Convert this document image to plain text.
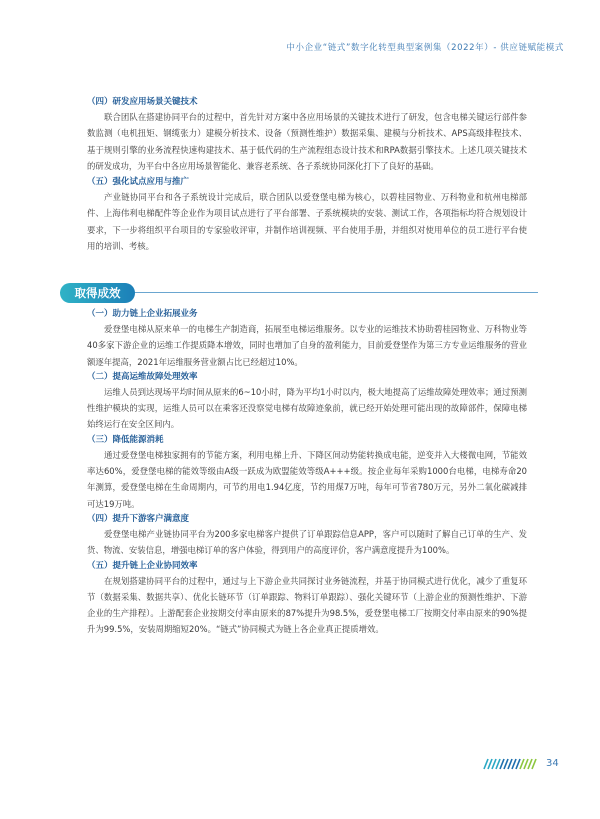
中小企业“链式”数字化转型典型案例集（2022年）- 供应链赋能模式

（四）研发应用场景关键技术

联合团队在搭建协同平台的过程中，首先针对方案中各应用场景的关键技术进行了研发，包含电梯关键运行部件参数监测（电机扭矩、钢缆张力）建模分析技术、设备（预测性维护）数据采集、建模与分析技术、APS高级排程技术、基于规则引擎的业务流程快速构建技术、基于低代码的生产流程组态设计技术和RPA数据引擎技术。上述几项关键技术的研发成功，为平台中各应用场景智能化、兼容老系统、各子系统协同深化打下了良好的基础。

（五）强化试点应用与推广

产业链协同平台和各子系统设计完成后，联合团队以爱登堡电梯为核心，以碧桂园物业、万科物业和杭州电梯部件、上海伟利电梯配件等企业作为项目试点进行了平台部署、子系统模块的安装、测试工作，各项指标均符合规划设计要求，下一步将组织平台项目的专家验收评审，并制作培训视频、平台使用手册，并组织对使用单位的员工进行平台使用的培训、考核。

取得成效

（一）助力链上企业拓展业务

爱登堡电梯从原来单一的电梯生产制造商，拓展至电梯运维服务。以专业的运维技术协助碧桂园物业、万科物业等40多家下游企业的运维工作提质降本增效，同时也增加了自身的盈利能力，目前爱登堡作为第三方专业运维服务的营业额逐年提高，2021年运维服务营业额占比已经超过10%。

（二）提高运维故障处理效率

运维人员到达现场平均时间从原来的6~10小时，降为平均1小时以内，极大地提高了运维故障处理效率；通过预测性维护模块的实现，运维人员可以在乘客还没察觉电梯有故障迹象前，就已经开始处理可能出现的故障部件，保障电梯始终运行在安全区间内。

（三）降低能源消耗

通过爱登堡电梯独家拥有的节能方案，利用电梯上升、下降区间动势能转换成电能，逆变并入大楼微电网，节能效率达60%，爱登堡电梯的能效等级由A级一跃成为欧盟能效等级A+++级。按企业每年采购1000台电梯，电梯寿命20年测算，爱登堡电梯在生命周期内，可节约用电1.94亿度，节约用煤7万吨，每年可节省780万元，另外二氧化碳减排可达19万吨。

（四）提升下游客户满意度

爱登堡电梯产业链协同平台为200多家电梯客户提供了订单跟踪信息APP，客户可以随时了解自己订单的生产、发货、物流、安装信息，增强电梯订单的客户体验，得到用户的高度评价，客户满意度提升为100%。

（五）提升链上企业协同效率

在规划搭建协同平台的过程中，通过与上下游企业共同探讨业务链流程，并基于协同模式进行优化，减少了重复环节（数据采集、数据共享）、优化长链环节（订单跟踪、物料订单跟踪）、强化关键环节（上游企业的预测性维护、下游企业的生产排程）。上游配套企业按期交付率由原来的87%提升为98.5%，爱登堡电梯工厂按期交付率由原来的90%提升为99.5%，安装周期缩短20%。“链式”协同模式为链上各企业真正提质增效。

34
